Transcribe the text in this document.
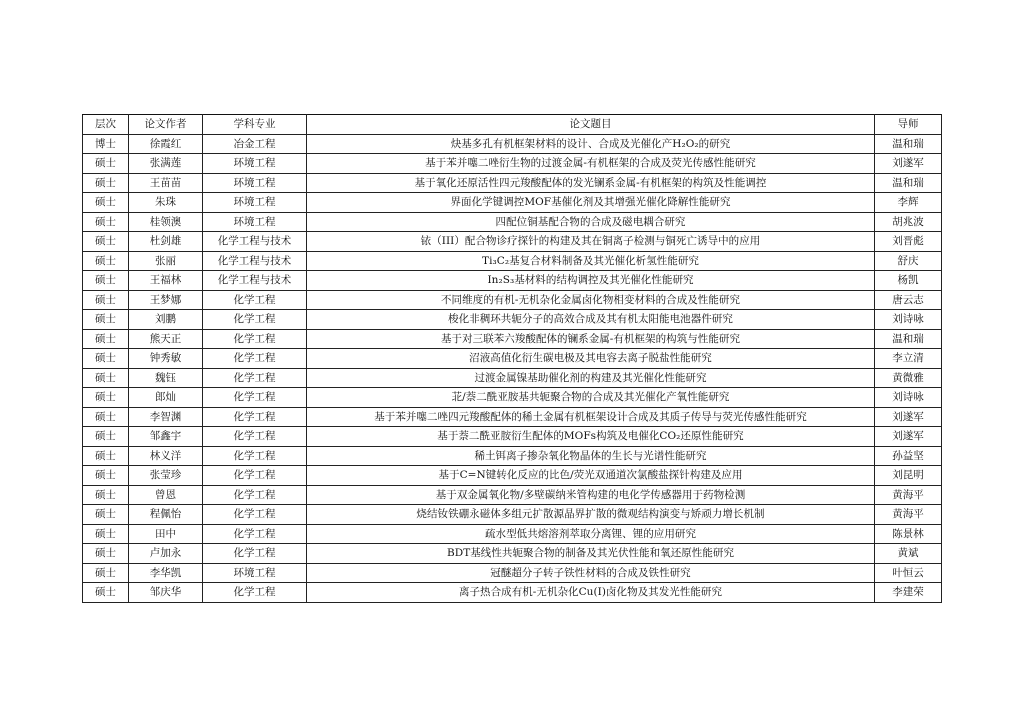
层次	论文作者	学科专业	论文题目	导师
博士	徐霞红	冶金工程	炔基多孔有机框架材料的设计、合成及光催化产H₂O₂的研究	温和瑞
硕士	张满莲	环境工程	基于苯并噻二唑衍生物的过渡金属-有机框架的合成及荧光传感性能研究	刘遂军
硕士	王苗苗	环境工程	基于氧化还原活性四元羧酸配体的发光镧系金属-有机框架的构筑及性能调控	温和瑞
硕士	朱珠	环境工程	界面化学键调控MOF基催化剂及其增强光催化降解性能研究	李辉
硕士	桂领澳	环境工程	四配位铜基配合物的合成及磁电耦合研究	胡兆波
硕士	杜剑雄	化学工程与技术	铱（III）配合物诊疗探针的构建及其在铜离子检测与铜死亡诱导中的应用	刘晋彪
硕士	张丽	化学工程与技术	Ti₃C₂基复合材料制备及其光催化析氢性能研究	舒庆
硕士	王福林	化学工程与技术	In₂S₃基材料的结构调控及其光催化性能研究	杨凯
硕士	王梦娜	化学工程	不同维度的有机-无机杂化金属卤化物相变材料的合成及性能研究	唐云志
硕士	刘鹏	化学工程	梭化非稠环共轭分子的高效合成及其有机太阳能电池器件研究	刘诗咏
硕士	熊天正	化学工程	基于对三联苯六羧酸配体的镧系金属-有机框架的构筑与性能研究	温和瑞
硕士	钟秀敏	化学工程	沼液高值化衍生碳电极及其电容去离子脱盐性能研究	李立清
硕士	魏钰	化学工程	过渡金属镍基助催化剂的构建及其光催化性能研究	黄微雅
硕士	郎灿	化学工程	苝/萘二酰亚胺基共轭聚合物的合成及其光催化产氧性能研究	刘诗咏
硕士	李智渊	化学工程	基于苯并噻二唑四元羧酸配体的稀土金属有机框架设计合成及其质子传导与荧光传感性能研究	刘遂军
硕士	邹鑫宇	化学工程	基于萘二酰亚胺衍生配体的MOFs构筑及电催化CO₂还原性能研究	刘遂军
硕士	林义洋	化学工程	稀土铒离子掺杂氧化物晶体的生长与光谱性能研究	孙益坚
硕士	张莹珍	化学工程	基于C=N键转化反应的比色/荧光双通道次氯酸盐探针构建及应用	刘昆明
硕士	曾恩	化学工程	基于双金属氧化物/多壁碳纳米管构建的电化学传感器用于药物检测	黄海平
硕士	程佩怡	化学工程	烧结钕铁硼永磁体多组元扩散源晶界扩散的微观结构演变与矫顽力增长机制	黄海平
硕士	田中	化学工程	疏水型低共熔溶剂萃取分离锂、锂的应用研究	陈景林
硕士	卢加永	化学工程	BDT基线性共轭聚合物的制备及其光伏性能和氧还原性能研究	黄斌
硕士	李华凯	环境工程	冠醚超分子转子铁性材料的合成及铁性研究	叶恒云
硕士	邹庆华	化学工程	离子热合成有机-无机杂化Cu(I)卤化物及其发光性能研究	李建荣
